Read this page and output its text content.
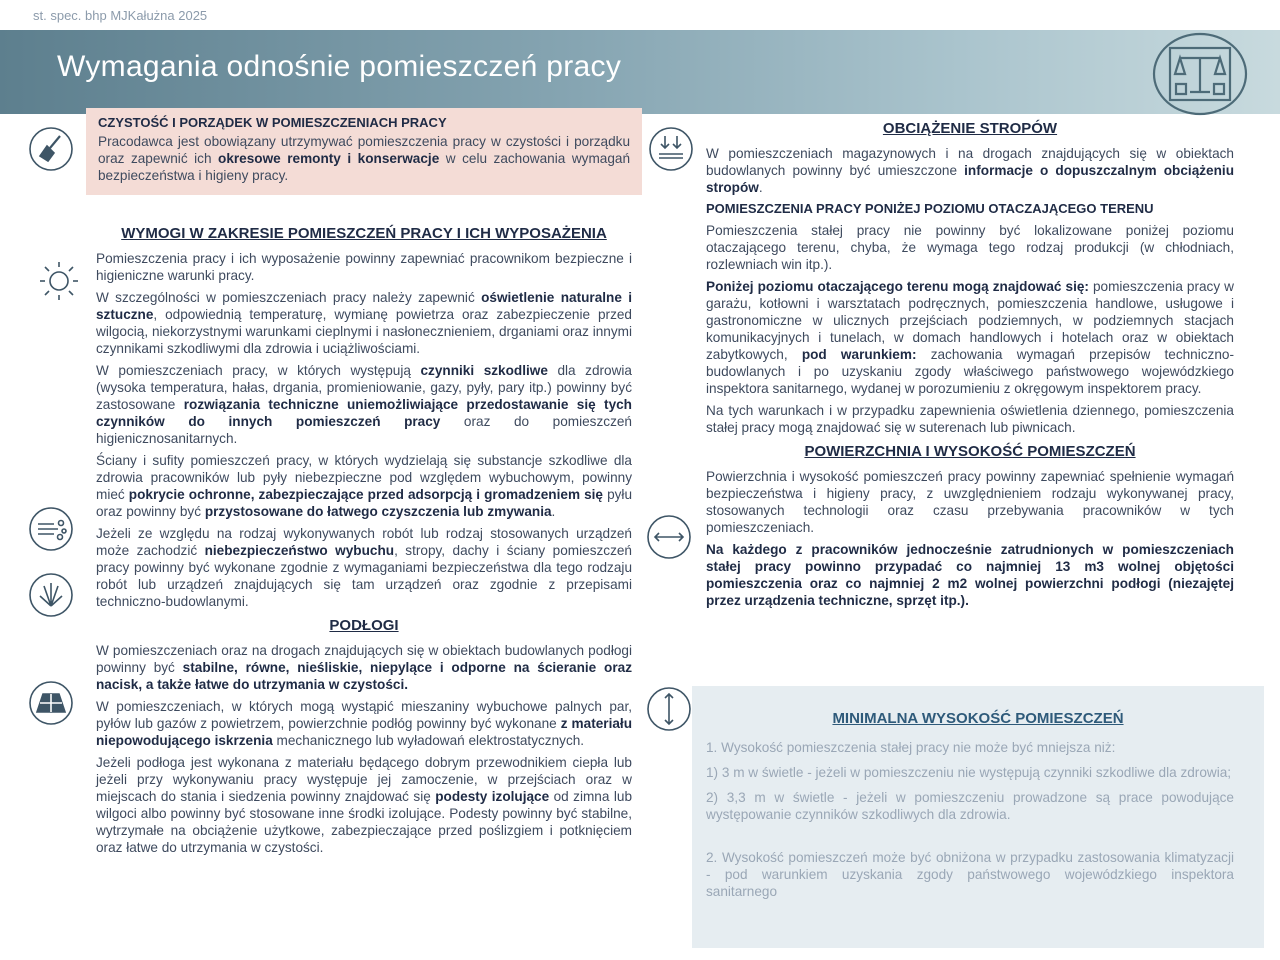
st. spec. bhp MJKałużna 2025
Wymagania odnośnie pomieszczeń pracy
CZYSTOŚĆ I PORZĄDEK W POMIESZCZENIACH PRACY

Pracodawca jest obowiązany utrzymywać pomieszczenia pracy w czystości i porządku oraz zapewnić ich okresowe remonty i konserwacje w celu zachowania wymagań bezpieczeństwa i higieny pracy.

WYMOGI W ZAKRESIE POMIESZCZEŃ PRACY I ICH WYPOSAŻENIA

Pomieszczenia pracy i ich wyposażenie powinny zapewniać pracownikom bezpieczne i higieniczne warunki pracy.

W szczególności w pomieszczeniach pracy należy zapewnić oświetlenie naturalne i sztuczne, odpowiednią temperaturę, wymianę powietrza oraz zabezpieczenie przed wilgocią, niekorzystnymi warunkami cieplnymi i nasłonecznieniem, drganiami oraz innymi czynnikami szkodliwymi dla zdrowia i uciążliwościami.

W pomieszczeniach pracy, w których występują czynniki szkodliwe dla zdrowia (wysoka temperatura, hałas, drgania, promieniowanie, gazy, pyły, pary itp.) powinny być zastosowane rozwiązania techniczne uniemożliwiające przedostawanie się tych czynników do innych pomieszczeń pracy oraz do pomieszczeń higienicznosanitarnych.

Ściany i sufity pomieszczeń pracy, w których wydzielają się substancje szkodliwe dla zdrowia pracowników lub pyły niebezpieczne pod względem wybuchowym, powinny mieć pokrycie ochronne, zabezpieczające przed adsorpcją i gromadzeniem się pyłu oraz powinny być przystosowane do łatwego czyszczenia lub zmywania.

Jeżeli ze względu na rodzaj wykonywanych robót lub rodzaj stosowanych urządzeń może zachodzić niebezpieczeństwo wybuchu, stropy, dachy i ściany pomieszczeń pracy powinny być wykonane zgodnie z wymaganiami bezpieczeństwa dla tego rodzaju robót lub urządzeń znajdujących się tam urządzeń oraz zgodnie z przepisami techniczno-budowlanymi.

PODŁOGI

W pomieszczeniach oraz na drogach znajdujących się w obiektach budowlanych podłogi powinny być stabilne, równe, nieśliskie, niepylące i odporne na ścieranie oraz nacisk, a także łatwe do utrzymania w czystości.

W pomieszczeniach, w których mogą wystąpić mieszaniny wybuchowe palnych par, pyłów lub gazów z powietrzem, powierzchnie podłóg powinny być wykonane z materiału niepowodującego iskrzenia mechanicznego lub wyładowań elektrostatycznych.

Jeżeli podłoga jest wykonana z materiału będącego dobrym przewodnikiem ciepła lub jeżeli przy wykonywaniu pracy występuje jej zamoczenie, w przejściach oraz w miejscach do stania i siedzenia powinny znajdować się podesty izolujące od zimna lub wilgoci albo powinny być stosowane inne środki izolujące. Podesty powinny być stabilne, wytrzymałe na obciążenie użytkowe, zabezpieczające przed poślizgiem i potknięciem oraz łatwe do utrzymania w czystości.

OBCIĄŻENIE STROPÓW

W pomieszczeniach magazynowych i na drogach znajdujących się w obiektach budowlanych powinny być umieszczone informacje o dopuszczalnym obciążeniu stropów.

POMIESZCZENIA PRACY PONIŻEJ POZIOMU OTACZAJĄCEGO TERENU

Pomieszczenia stałej pracy nie powinny być lokalizowane poniżej poziomu otaczającego terenu, chyba, że wymaga tego rodzaj produkcji (w chłodniach, rozlewniach win itp.).

Poniżej poziomu otaczającego terenu mogą znajdować się: pomieszczenia pracy w garażu, kotłowni i warsztatach podręcznych, pomieszczenia handlowe, usługowe i gastronomiczne w ulicznych przejściach podziemnych, w podziemnych stacjach komunikacyjnych i tunelach, w domach handlowych i hotelach oraz w obiektach zabytkowych, pod warunkiem: zachowania wymagań przepisów techniczno-budowlanych i po uzyskaniu zgody właściwego państwowego wojewódzkiego inspektora sanitarnego, wydanej w porozumieniu z okręgowym inspektorem pracy.

Na tych warunkach i w przypadku zapewnienia oświetlenia dziennego, pomieszczenia stałej pracy mogą znajdować się w suterenach lub piwnicach.

POWIERZCHNIA I WYSOKOŚĆ POMIESZCZEŃ

Powierzchnia i wysokość pomieszczeń pracy powinny zapewniać spełnienie wymagań bezpieczeństwa i higieny pracy, z uwzględnieniem rodzaju wykonywanej pracy, stosowanych technologii oraz czasu przebywania pracowników w tych pomieszczeniach.

Na każdego z pracowników jednocześnie zatrudnionych w pomieszczeniach stałej pracy powinno przypadać co najmniej 13 m3 wolnej objętości pomieszczenia oraz co najmniej 2 m2 wolnej powierzchni podłogi (niezajętej przez urządzenia techniczne, sprzęt itp.).

MINIMALNA WYSOKOŚĆ POMIESZCZEŃ

1. Wysokość pomieszczenia stałej pracy nie może być mniejsza niż:

1) 3 m w świetle - jeżeli w pomieszczeniu nie występują czynniki szkodliwe dla zdrowia;

2) 3,3 m w świetle - jeżeli w pomieszczeniu prowadzone są prace powodujące występowanie czynników szkodliwych dla zdrowia.

2. Wysokość pomieszczeń może być obniżona w przypadku zastosowania klimatyzacji - pod warunkiem uzyskania zgody państwowego wojewódzkiego inspektora sanitarnego
